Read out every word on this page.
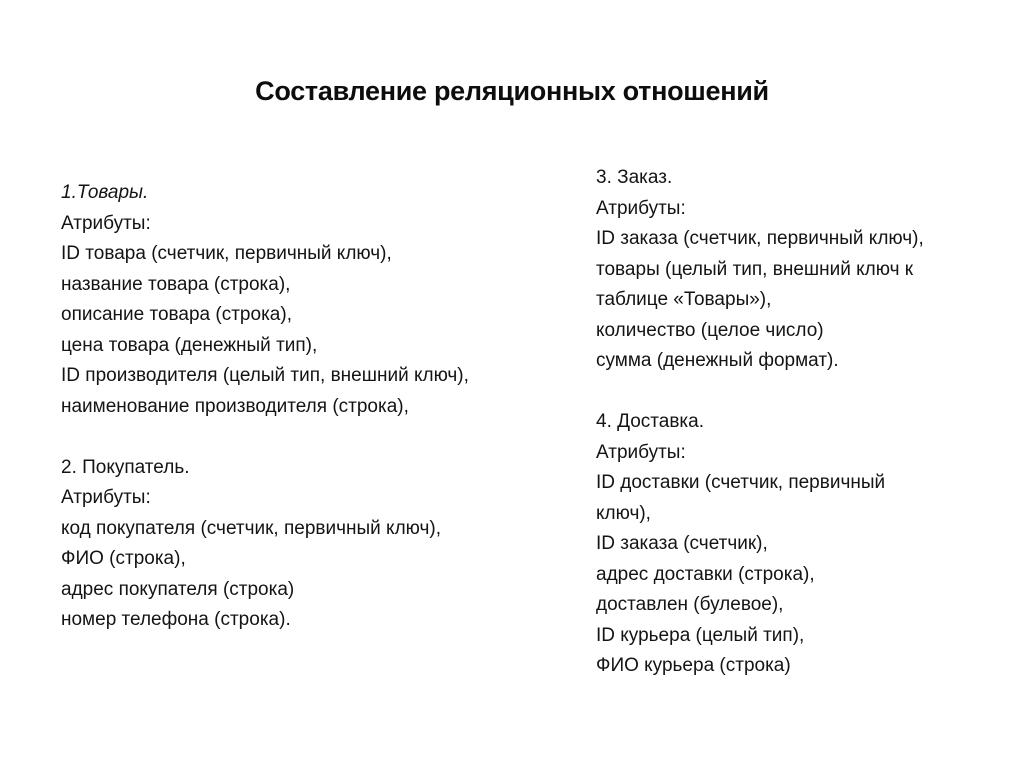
Составление реляционных отношений
1.Товары.
Атрибуты:
ID товара (счетчик, первичный ключ),
название товара (строка),
описание товара (строка),
цена товара (денежный тип),
ID производителя (целый тип, внешний ключ),
наименование производителя (строка),
2. Покупатель.
Атрибуты:
код покупателя (счетчик, первичный ключ),
ФИО (строка),
адрес покупателя (строка)
номер телефона (строка).
3. Заказ.
Атрибуты:
ID заказа (счетчик, первичный ключ),
товары (целый тип, внешний ключ к
таблице «Товары»),
количество (целое число)
сумма (денежный формат).
4. Доставка.
Атрибуты:
ID доставки (счетчик, первичный
ключ),
ID заказа (счетчик),
адрес доставки (строка),
доставлен (булевое),
ID курьера (целый тип),
ФИО курьера (строка)
